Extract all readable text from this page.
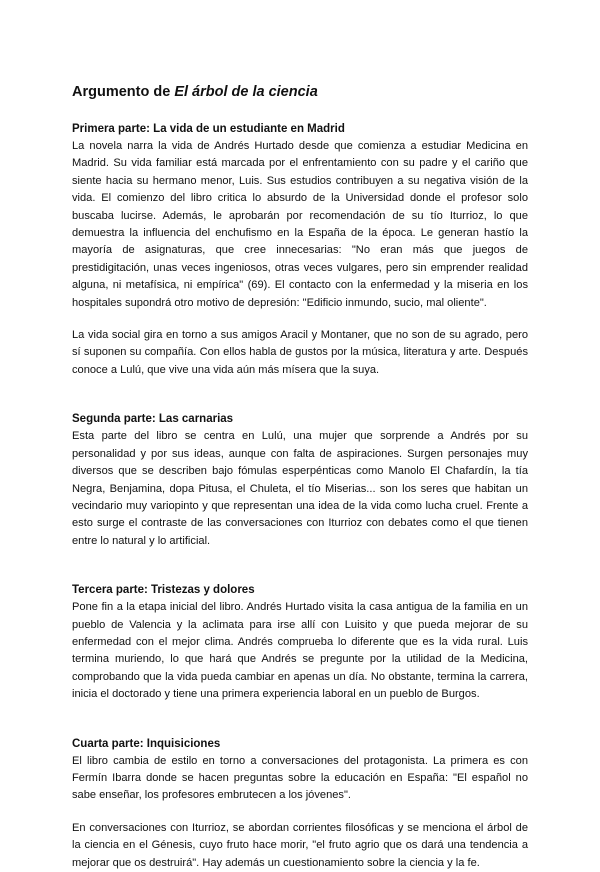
Argumento de El árbol de la ciencia
Primera parte: La vida de un estudiante en Madrid

La novela narra la vida de Andrés Hurtado desde que comienza a estudiar Medicina en Madrid. Su vida familiar está marcada por el enfrentamiento con su padre y el cariño que siente hacia su hermano menor, Luis. Sus estudios contribuyen a su negativa visión de la vida. El comienzo del libro critica lo absurdo de la Universidad donde el profesor solo buscaba lucirse. Además, le aprobarán por recomendación de su tío Iturrioz, lo que demuestra la influencia del enchufismo en la España de la época. Le generan hastío la mayoría de asignaturas, que cree innecesarias: "No eran más que juegos de prestidigitación, unas veces ingeniosos, otras veces vulgares, pero sin emprender realidad alguna, ni metafísica, ni empírica" (69). El contacto con la enfermedad y la miseria en los hospitales supondrá otro motivo de depresión: "Edificio inmundo, sucio, mal oliente".

La vida social gira en torno a sus amigos Aracil y Montaner, que no son de su agrado, pero sí suponen su compañía. Con ellos habla de gustos por la música, literatura y arte. Después conoce a Lulú, que vive una vida aún más mísera que la suya.

Segunda parte: Las carnarias

Esta parte del libro se centra en Lulú, una mujer que sorprende a Andrés por su personalidad y por sus ideas, aunque con falta de aspiraciones. Surgen personajes muy diversos que se describen bajo fómulas esperpénticas como Manolo El Chafardín, la tía Negra, Benjamina, dopa Pitusa, el Chuleta, el tío Miserias... son los seres que habitan un vecindario muy variopinto y que representan una idea de la vida como lucha cruel. Frente a esto surge el contraste de las conversaciones con Iturrioz con debates como el que tienen entre lo natural y lo artificial.

Tercera parte: Tristezas y dolores

Pone fin a la etapa inicial del libro. Andrés Hurtado visita la casa antigua de la familia en un pueblo de Valencia y la aclimata para irse allí con Luisito y que pueda mejorar de su enfermedad con el mejor clima. Andrés comprueba lo diferente que es la vida rural. Luis termina muriendo, lo que hará que Andrés se pregunte por la utilidad de la Medicina, comprobando que la vida pueda cambiar en apenas un día. No obstante, termina la carrera, inicia el doctorado y tiene una primera experiencia laboral en un pueblo de Burgos.

Cuarta parte: Inquisiciones

El libro cambia de estilo en torno a conversaciones del protagonista. La primera es con Fermín Ibarra donde se hacen preguntas sobre la educación en España: "El español no sabe enseñar, los profesores embrutecen a los jóvenes".

En conversaciones con Iturrioz, se abordan corrientes filosóficas y se menciona el árbol de la ciencia en el Génesis, cuyo fruto hace morir, "el fruto agrio que os dará una tendencia a mejorar que os destruirá". Hay además un cuestionamiento sobre la ciencia y la fe.
